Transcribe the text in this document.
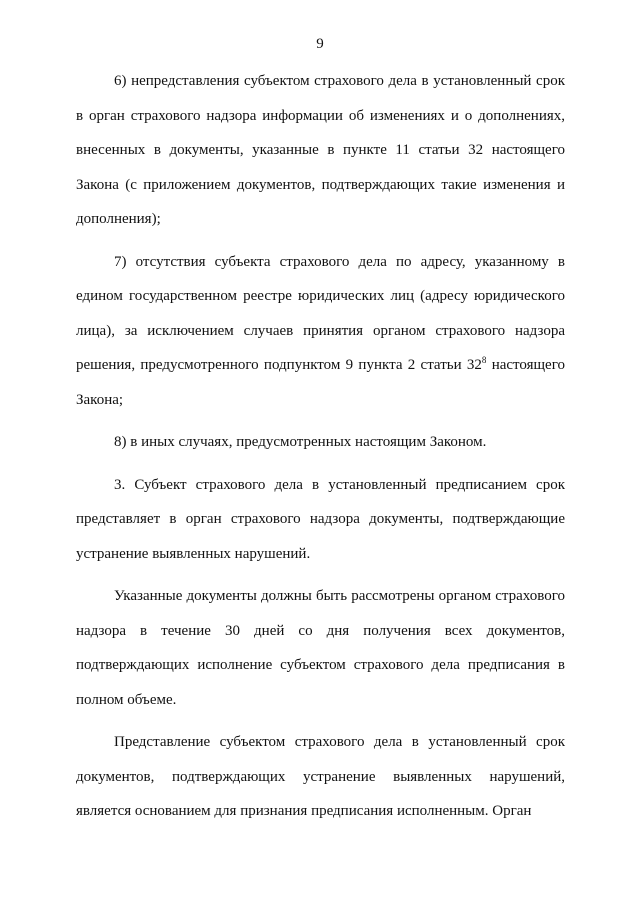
9

6) непредставления субъектом страхового дела в установленный срок в орган страхового надзора информации об изменениях и о дополнениях, внесенных в документы, указанные в пункте 11 статьи 32 настоящего Закона (с приложением документов, подтверждающих такие изменения и дополнения);

7) отсутствия субъекта страхового дела по адресу, указанному в едином государственном реестре юридических лиц (адресу юридического лица), за исключением случаев принятия органом страхового надзора решения, предусмотренного подпунктом 9 пункта 2 статьи $32^8$ настоящего Закона;

8) в иных случаях, предусмотренных настоящим Законом.

3. Субъект страхового дела в установленный предписанием срок представляет в орган страхового надзора документы, подтверждающие устранение выявленных нарушений.

Указанные документы должны быть рассмотрены органом страхового надзора в течение 30 дней со дня получения всех документов, подтверждающих исполнение субъектом страхового дела предписания в полном объеме.

Представление субъектом страхового дела в установленный срок документов, подтверждающих устранение выявленных нарушений, является основанием для признания предписания исполненным. Орган
